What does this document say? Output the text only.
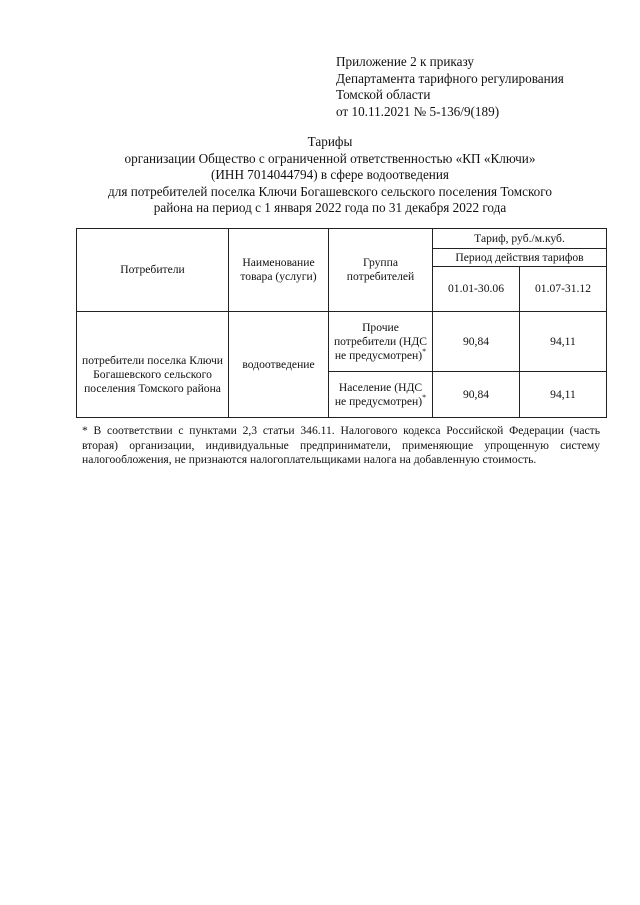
Приложение 2 к приказу
Департамента тарифного регулирования
Томской области
от 10.11.2021 № 5-136/9(189)
Тарифы
организации Общество с ограниченной ответственностью «КП «Ключи»
(ИНН 7014044794) в сфере водоотведения
для потребителей поселка Ключи Богашевского сельского поселения Томского
района на период с 1 января 2022 года по 31 декабря 2022 года
Потребители	Наименование товара (услуги)	Группа потребителей	Тариф, руб./м.куб.	
			Период действия тарифов	
			01.01-30.06	01.07-31.12
потребители поселка Ключи Богашевского сельского поселения Томского района	водоотведение	Прочие потребители (НДС не предусмотрен)*	90,84	94,11
		Население (НДС не предусмотрен)*	90,84	94,11
* В соответствии с пунктами 2,3 статьи 346.11. Налогового кодекса Российской Федерации (часть вторая) организации, индивидуальные предприниматели, применяющие упрощенную систему налогообложения, не признаются налогоплательщиками налога на добавленную стоимость.
